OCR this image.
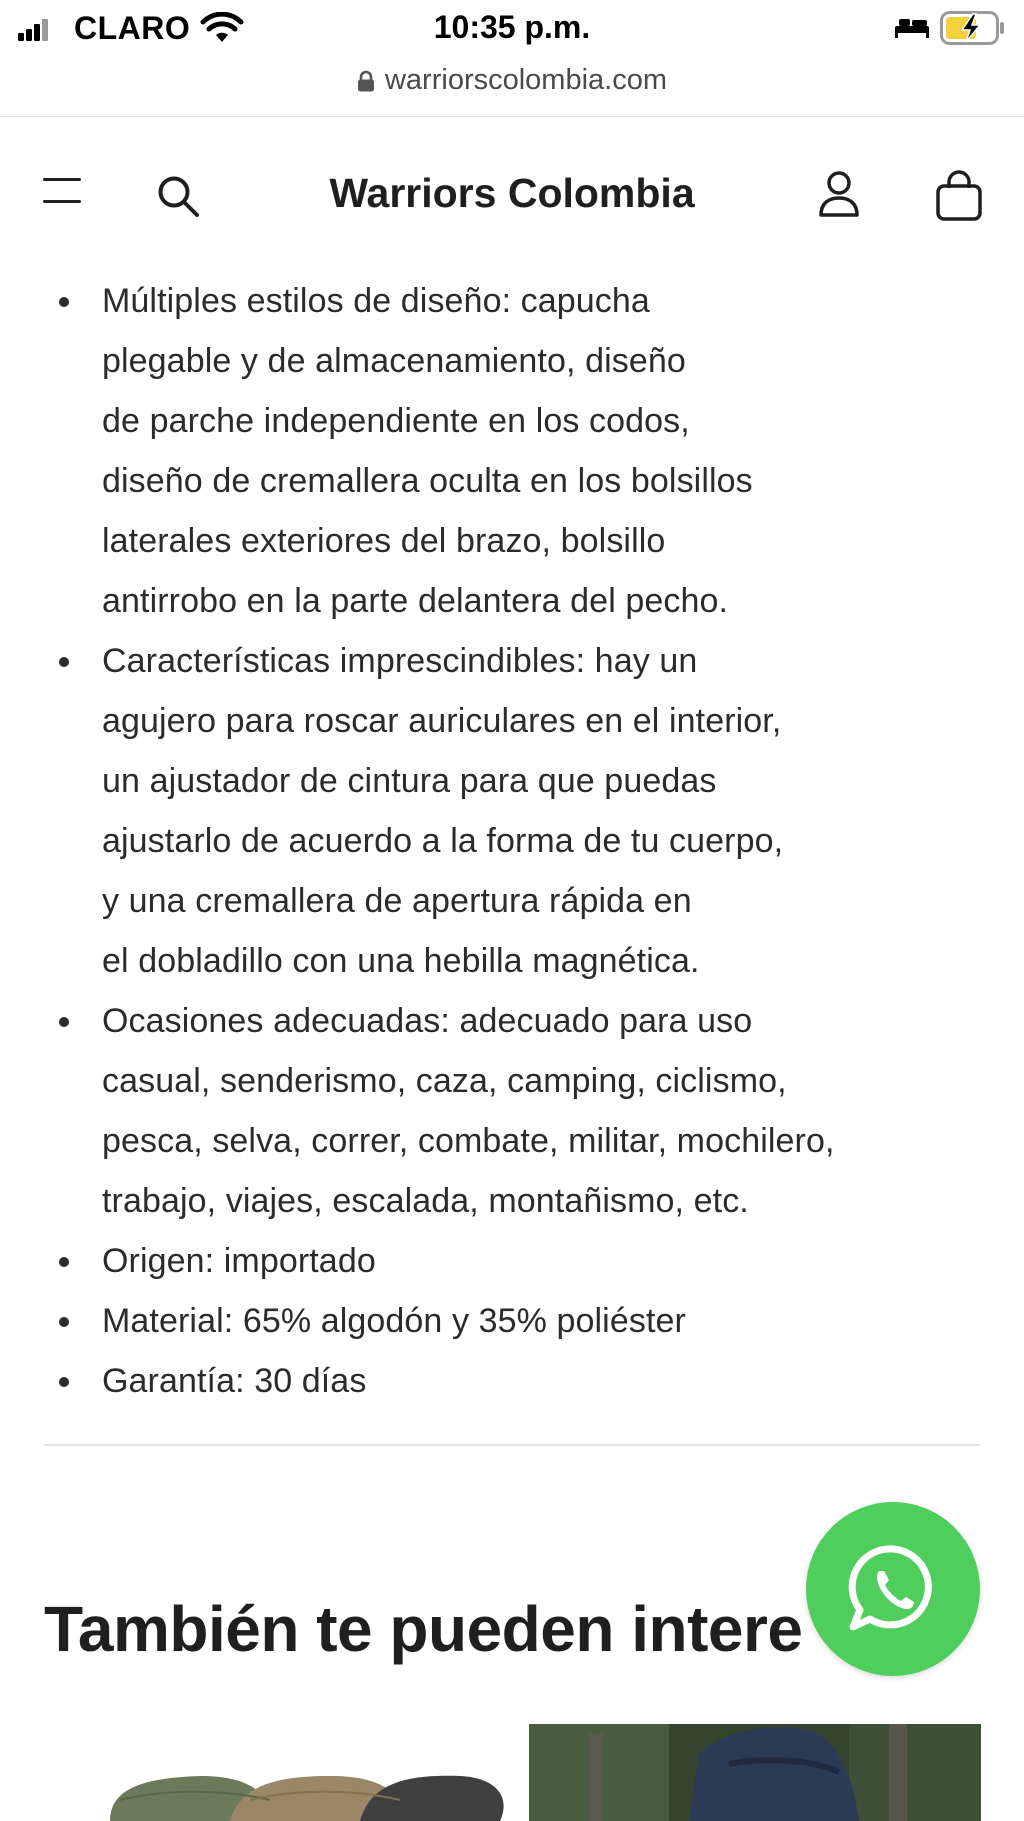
CLARO	10:35 p.m.
warriorscolombia.com
Warriors Colombia
Múltiples estilos de diseño: capucha
plegable y de almacenamiento, diseño
de parche independiente en los codos,
diseño de cremallera oculta en los bolsillos
laterales exteriores del brazo, bolsillo
antirrobo en la parte delantera del pecho.
Características imprescindibles: hay un
agujero para roscar auriculares en el interior,
un ajustador de cintura para que puedas
ajustarlo de acuerdo a la forma de tu cuerpo,
y una cremallera de apertura rápida en
el dobladillo con una hebilla magnética.
Ocasiones adecuadas: adecuado para uso
casual, senderismo, caza, camping, ciclismo,
pesca, selva, correr, combate, militar, mochilero,
trabajo, viajes, escalada, montañismo, etc.
Origen: importado
Material: 65% algodón y 35% poliéster
Garantía: 30 días
También te pueden intere
